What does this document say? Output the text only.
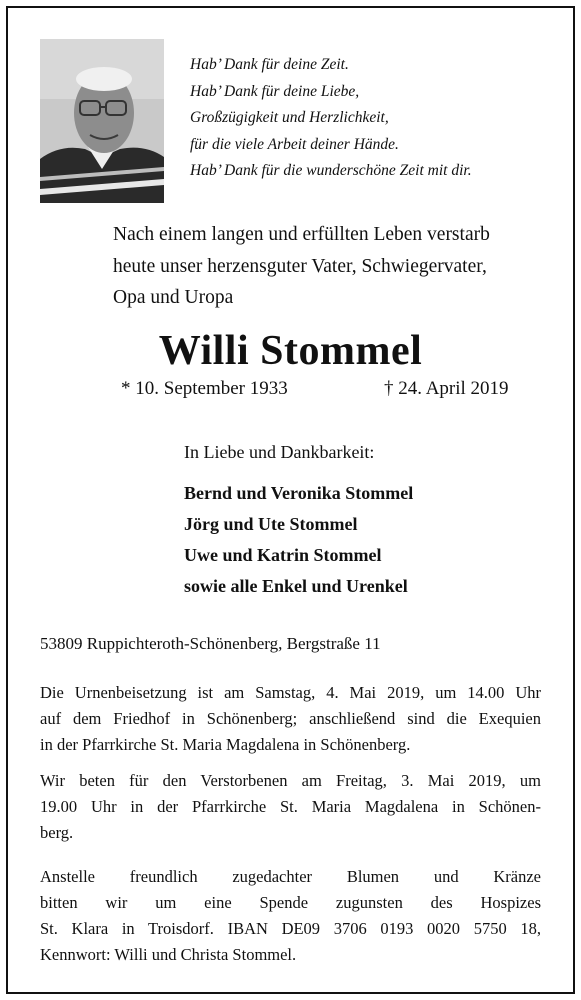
Hab’ Dank für deine Zeit.
Hab’ Dank für deine Liebe,
Großzügigkeit und Herzlichkeit,
für die viele Arbeit deiner Hände.
Hab’ Dank für die wunderschöne Zeit mit dir.
Nach einem langen und erfüllten Leben verstarb
heute unser herzensguter Vater, Schwiegervater,
Opa und Uropa
Willi Stommel
* 10. September 1933	† 24. April 2019
In Liebe und Dankbarkeit:
Bernd und Veronika Stommel
Jörg und Ute Stommel
Uwe und Katrin Stommel
sowie alle Enkel und Urenkel
53809 Ruppichteroth-Schönenberg, Bergstraße 11
Die Urnenbeisetzung ist am Samstag, 4. Mai 2019, um 14.00 Uhr
auf dem Friedhof in Schönenberg; anschließend sind die Exequien
in der Pfarrkirche St. Maria Magdalena in Schönenberg.
Wir beten für den Verstorbenen am Freitag, 3. Mai 2019, um
19.00 Uhr in der Pfarrkirche St. Maria Magdalena in Schönen-
berg.
Anstelle freundlich zugedachter Blumen und Kränze
bitten wir um eine Spende zugunsten des Hospizes
St. Klara in Troisdorf. IBAN DE09 3706 0193 0020 5750 18,
Kennwort: Willi und Christa Stommel.
